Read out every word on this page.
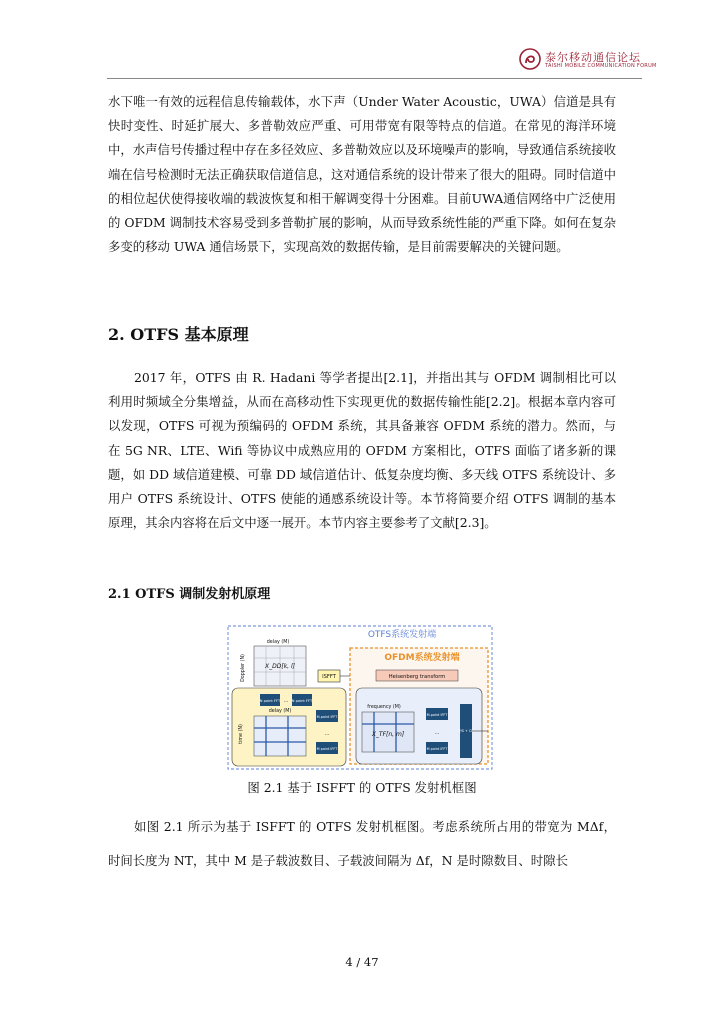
泰尔移动通信论坛
TAISHI MOBILE COMMUNICATION FORUM

水下唯一有效的远程信息传输载体，水下声（Under Water Acoustic，UWA）信道是具有快时变性、时延扩展大、多普勒效应严重、可用带宽有限等特点的信道。在常见的海洋环境中，水声信号传播过程中存在多径效应、多普勒效应以及环境噪声的影响，导致通信系统接收端在信号检测时无法正确获取信道信息，这对通信系统的设计带来了很大的阻碍。同时信道中的相位起伏使得接收端的载波恢复和相干解调变得十分困难。目前UWA通信网络中广泛使用的 OFDM 调制技术容易受到多普勒扩展的影响，从而导致系统性能的严重下降。如何在复杂多变的移动 UWA 通信场景下，实现高效的数据传输，是目前需要解决的关键问题。

2. OTFS 基本原理

2017 年，OTFS 由 R. Hadani 等学者提出[2.1]，并指出其与 OFDM 调制相比可以利用时频域全分集增益，从而在高移动性下实现更优的数据传输性能[2.2]。根据本章内容可以发现，OTFS 可视为预编码的 OFDM 系统，其具备兼容 OFDM 系统的潜力。然而，与在 5G NR、LTE、Wifi 等协议中成熟应用的 OFDM 方案相比，OTFS 面临了诸多新的课题，如 DD 域信道建模、可靠 DD 域信道估计、低复杂度均衡、多天线 OTFS 系统设计、多用户 OTFS 系统设计、OTFS 使能的通感系统设计等。本节将简要介绍 OTFS 调制的基本原理，其余内容将在后文中逐一展开。本节内容主要参考了文献[2.3]。

2.1 OTFS 调制发射机原理
OTFS系统发射端
OFDM系统发射端
Heisenberg transform
ISFFT
delay (M)
Doppler (N)	X_DD[k, l]
N point FFT	N point FFT
...
delay (M)
time (N)
M-point IFFT
M point IFFT
...
frequency (M)
X_TF[n, m]
M-point IFFT
M point IFFT
...	P/S + CP

图 2.1 基于 ISFFT 的 OTFS 发射机框图

如图 2.1 所示为基于 ISFFT 的 OTFS 发射机框图。考虑系统所占用的带宽为 MΔf，时间长度为 NT，其中 M 是子载波数目、子载波间隔为 Δf，N 是时隙数目、时隙长

4 / 47
